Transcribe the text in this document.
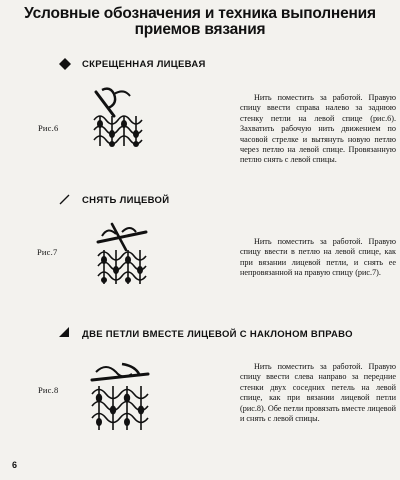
Условные обозначения и техника выполнения
приемов вязания
СКРЕЩЕННАЯ ЛИЦЕВАЯ
Рис.6
Нить поместить за работой. Правую спицу ввести справа налево за заднюю стенку петли на левой спице (рис.6). Захватить рабочую нить движением по часовой стрелке и вытянуть новую петлю через петлю на левой спице. Провязанную петлю снять с левой спицы.
СНЯТЬ ЛИЦЕВОЙ
Рис.7
Нить поместить за работой. Правую спицу ввести в петлю на левой спице, как при вязании лицевой петли, и снять ее непровязанной на правую спицу (рис.7).
ДВЕ ПЕТЛИ ВМЕСТЕ ЛИЦЕВОЙ С НАКЛОНОМ ВПРАВО
Рис.8
Нить поместить за работой. Правую спицу ввести слева направо за передние стенки двух соседних петель на левой спице, как при вязании лицевой петли (рис.8). Обе петли провязать вместе лицевой и снять с левой спицы.
6
